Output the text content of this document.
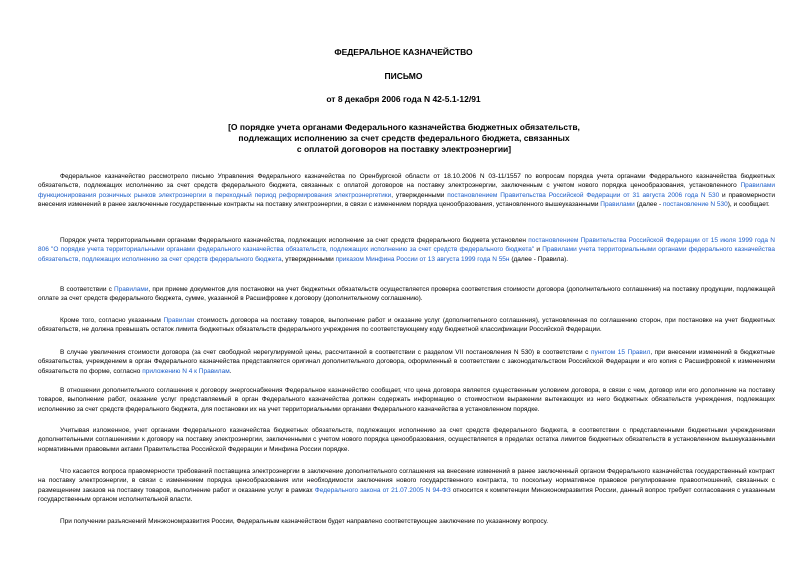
ФЕДЕРАЛЬНОЕ КАЗНАЧЕЙСТВО
ПИСЬМО
от 8 декабря 2006 года N 42-5.1-12/91
[О порядке учета органами Федерального казначейства бюджетных обязательств,
подлежащих исполнению за счет средств федерального бюджета, связанных
с оплатой договоров на поставку электроэнергии]

Федеральное казначейство рассмотрело письмо Управления Федерального казначейства по Оренбургской области от 18.10.2006 N 03-11/1557 по вопросам порядка учета органами Федерального казначейства бюджетных обязательств, подлежащих исполнению за счет средств федерального бюджета, связанных с оплатой договоров на поставку электроэнергии, заключенным с учетом нового порядка ценообразования, установленного Правилами функционирования розничных рынков электроэнергии в переходный период реформирования электроэнергетики, утвержденными постановлением Правительства Российской Федерации от 31 августа 2006 года N 530 и правомерности внесения изменений в ранее заключенные государственные контракты на поставку электроэнергии, в связи с изменением порядка ценообразования, установленного вышеуказанными Правилами (далее - постановление N 530), и сообщает.

Порядок учета территориальными органами Федерального казначейства, подлежащих исполнение за счет средств федерального бюджета установлен постановлением Правительства Российской Федерации от 15 июля 1999 года N 806 "О порядке учета территориальными органами федерального казначейства обязательств, подлежащих исполнению за счет средств федерального бюджета" и Правилами учета территориальными органами федерального казначейства обязательств, подлежащих исполнению за счет средств федерального бюджета, утвержденными приказом Минфина России от 13 августа 1999 года N 55н (далее - Правила).

В соответствии с Правилами, при приеме документов для постановки на учет бюджетных обязательств осуществляется проверка соответствия стоимости договора (дополнительного соглашения) на поставку продукции, подлежащей оплате за счет средств федерального бюджета, сумме, указанной в Расшифровке к договору (дополнительному соглашению).

Кроме того, согласно указанным Правилам стоимость договора на поставку товаров, выполнение работ и оказание услуг (дополнительного соглашения), установленная по соглашению сторон, при постановке на учет бюджетных обязательств, не должна превышать остаток лимита бюджетных обязательств федерального учреждения по соответствующему коду бюджетной классификации Российской Федерации.

В случае увеличения стоимости договора (за счет свободной нерегулируемой цены, рассчитанной в соответствии с разделом VII постановления N 530) в соответствии с пунктом 15 Правил, при внесении изменений в бюджетные обязательства, учреждением в орган Федерального казначейства представляется оригинал дополнительного договора, оформленный в соответствии с законодательством Российской Федерации и его копия с Расшифровкой к изменениям обязательств по форме, согласно приложению N 4 к Правилам.

В отношении дополнительного соглашения к договору энергоснабжения Федеральное казначейство сообщает, что цена договора является существенным условием договора, в связи с чем, договор или его дополнение на поставку товаров, выполнение работ, оказание услуг представляемый в орган Федерального казначейства должен содержать информацию о стоимостном выражении вытекающих из него бюджетных обязательств учреждения, подлежащих исполнению за счет средств федерального бюджета, для постановки их на учет территориальными органами Федерального казначейства в установленном порядке.

Учитывая изложенное, учет органами Федерального казначейства бюджетных обязательств, подлежащих исполнению за счет средств федерального бюджета, в соответствии с представленными бюджетными учреждениями дополнительными соглашениями к договору на поставку электроэнергии, заключенными с учетом нового порядка ценообразования, осуществляется в пределах остатка лимитов бюджетных обязательств в установленном вышеуказанными нормативными правовыми актами Правительства Российской Федерации и Минфина России порядке.

Что касается вопроса правомерности требований поставщика электроэнергии в заключение дополнительного соглашения на внесение изменений в ранее заключенный органом Федерального казначейства государственный контракт на поставку электроэнергии, в связи с изменением порядка ценообразования или необходимости заключения нового государственного контракта, то поскольку нормативное правовое регулирование правоотношений, связанных с размещением заказов на поставку товаров, выполнение работ и оказание услуг в рамках Федерального закона от 21.07.2005 N 94-ФЗ относится к компетенции Минэкономразвития России, данный вопрос требует согласования с указанным государственным органом исполнительной власти.

При получении разъяснений Минэкономразвития России, Федеральным казначейством будет направлено соответствующее заключение по указанному вопросу.
